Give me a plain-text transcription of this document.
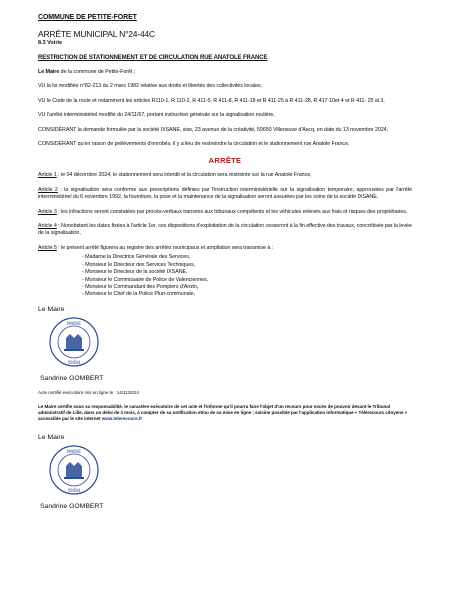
COMMUNE DE PETITE-FORET
ARRÊTE MUNICIPAL N°24-44C
8.3 Voirie
RESTRICTION DE STATIONNEMENT ET DE CIRCULATION RUE ANATOLE FRANCE

Le Maire de la commune de Petite-Forêt ;

VU la loi modifiée n°82-213 du 2 mars 1982 relative aux droits et libertés des collectivités locales,

VU le Code de la route et notamment les articles R110-1, R 110-2, R 411-5, R 411-8, R 411-18 et R 411-25 à R 411-28, R 417-10et 4 et R 411- 25 al 3,

VU l'arrêté interministériel modifié du 24/11/67, portant instruction générale sur la signalisation routière,

CONSIDÉRANT la demande formulée par la société IXSANE, sise, 23 avenue de la créativité, 59650 Villeneuve d'Ascq, en date du 13 novembre 2024,

CONSIDÉRANT qu'en raison de prélèvements d'enrobés, il y a lieu de restreindre la circulation et le stationnement rue Anatole France,

ARRÊTE

Article 1 : le 04 décembre 2024, le stationnement sera interdit et la circulation sera restreinte sur la rue Anatole France,

Article 2 : la signalisation sera conforme aux prescriptions définies par l'instruction interministérielle sur la signalisation temporaire, approuvées par l'arrêté interministériel du 6 novembre 1992, la fourniture, la pose et la maintenance de la signalisation seront assurées par les soins de la société IXSANE,

Article 3 : les infractions seront constatées par procès-verbaux transmis aux tribunaux compétents et les véhicules enlevés aux frais et risques des propriétaires,

Article 4 : Nonobstant les dates fixées à l'article 1er, ces dispositions d'exploitation de la circulation cesseront à la fin effective des travaux, concrétisée par la levée de la signalisation,

Article 5 : le présent arrêté figurera au registre des arrêtés municipaux et ampliation sera transmise à :

- Madame la Directrice Générale des Services,
- Monsieur le Directeur des Services Techniques,
- Monsieur le Directeur de la société IXSANE,
- Monsieur le Commissaire de Police de Valenciennes,
- Monsieur le Commandant des Pompiers d'Anzin,
- Monsieur le Chef de la Police Pluri-communale,
Le Maire
MAIRIE
59494
Sandrine GOMBERT
Acte certifié exécutoire mis en ligne le : 14/11/2024
Le Maire certifie sous sa responsabilité, le caractère exécutoire de cet acte et l'informe qu'il pourra faire l'objet d'un recours pour excès de pouvoir devant le Tribunal administratif de Lille, dans un délai de 2 mois, à compter de sa notification et/ou de sa mise en ligne ; saisine possible par l'application informatique « Télérecours citoyens » accessible par le site internet www.telerecours.fr
Le Maire
MAIRIE
59494
Sandrine GOMBERT
